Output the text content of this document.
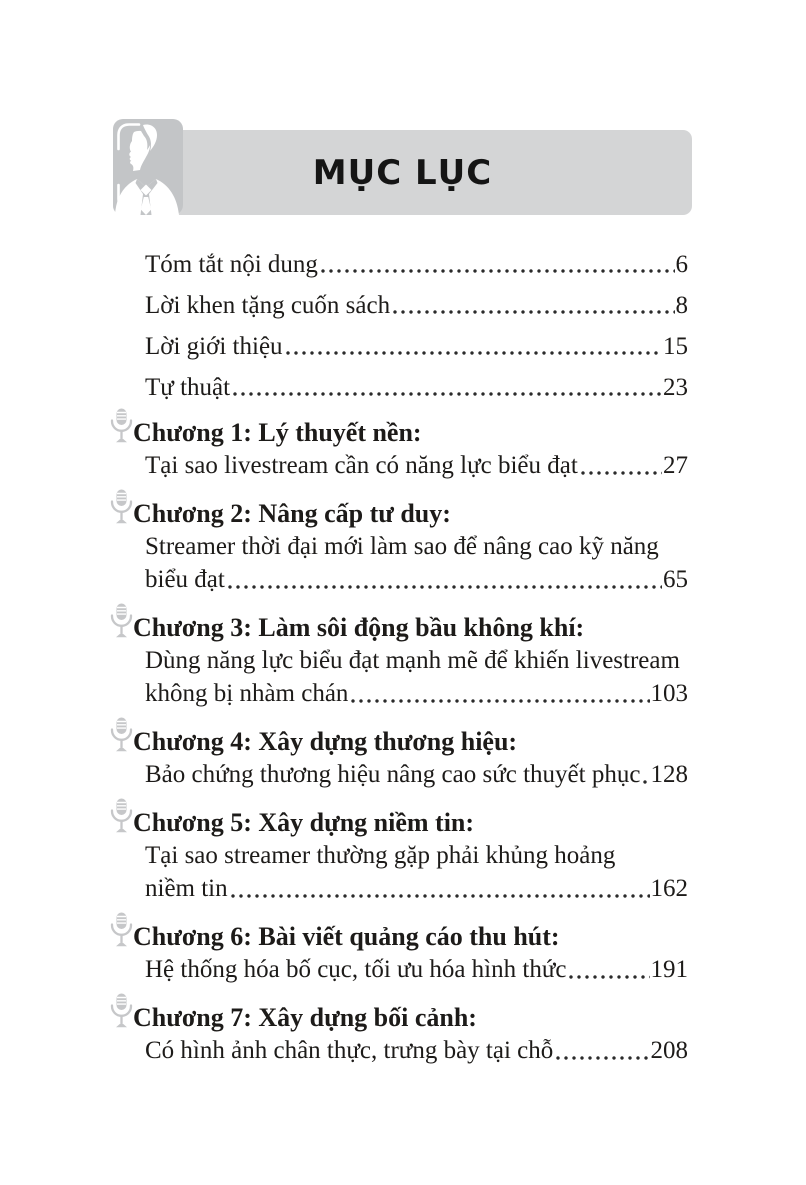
MỤC LỤC
Tóm tắt nội dung	6
Lời khen tặng cuốn sách	8
Lời giới thiệu	15
Tự thuật	23
Chương 1: Lý thuyết nền:
Tại sao livestream cần có năng lực biểu đạt	27
Chương 2: Nâng cấp tư duy:
Streamer thời đại mới làm sao để nâng cao kỹ năng
biểu đạt	65
Chương 3: Làm sôi động bầu không khí:
Dùng năng lực biểu đạt mạnh mẽ để khiến livestream
không bị nhàm chán	103
Chương 4: Xây dựng thương hiệu:
Bảo chứng thương hiệu nâng cao sức thuyết phục 128
Chương 5: Xây dựng niềm tin:
Tại sao streamer thường gặp phải khủng hoảng
niềm tin	162
Chương 6: Bài viết quảng cáo thu hút:
Hệ thống hóa bố cục, tối ưu hóa hình thức	191
Chương 7: Xây dựng bối cảnh:
Có hình ảnh chân thực, trưng bày tại chỗ	208
